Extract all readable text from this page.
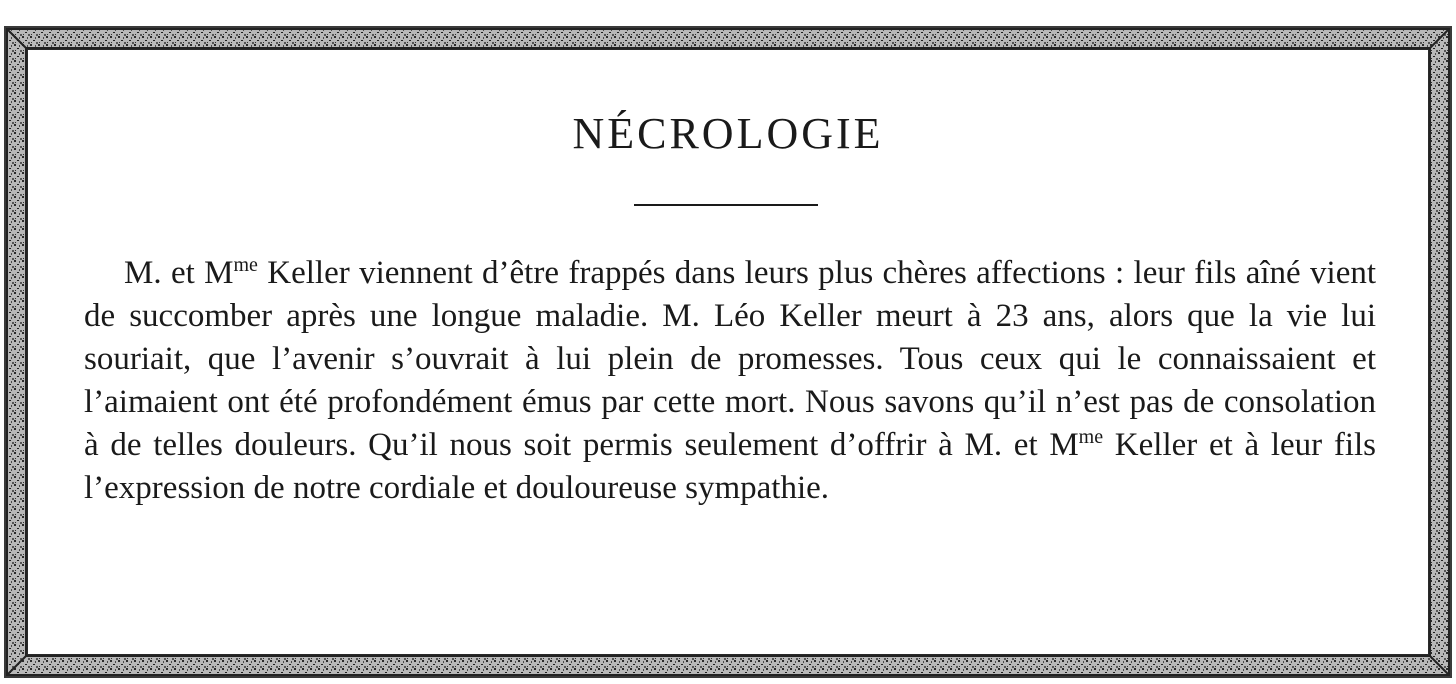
NÉCROLOGIE

M. et $M^{me}$ Keller viennent d’être frappés dans leurs plus chères affections : leur fils aîné vient de succomber après une longue maladie. M. Léo Keller meurt à 23 ans, alors que la vie lui souriait, que l’avenir s’ouvrait à lui plein de promesses. Tous ceux qui le connaissaient et l’aimaient ont été profondément émus par cette mort. Nous savons qu’il n’est pas de consolation à de telles douleurs. Qu’il nous soit permis seulement d’offrir à M. et $M^{me}$ Keller et à leur fils l’expression de notre cordiale et douloureuse sympathie.
